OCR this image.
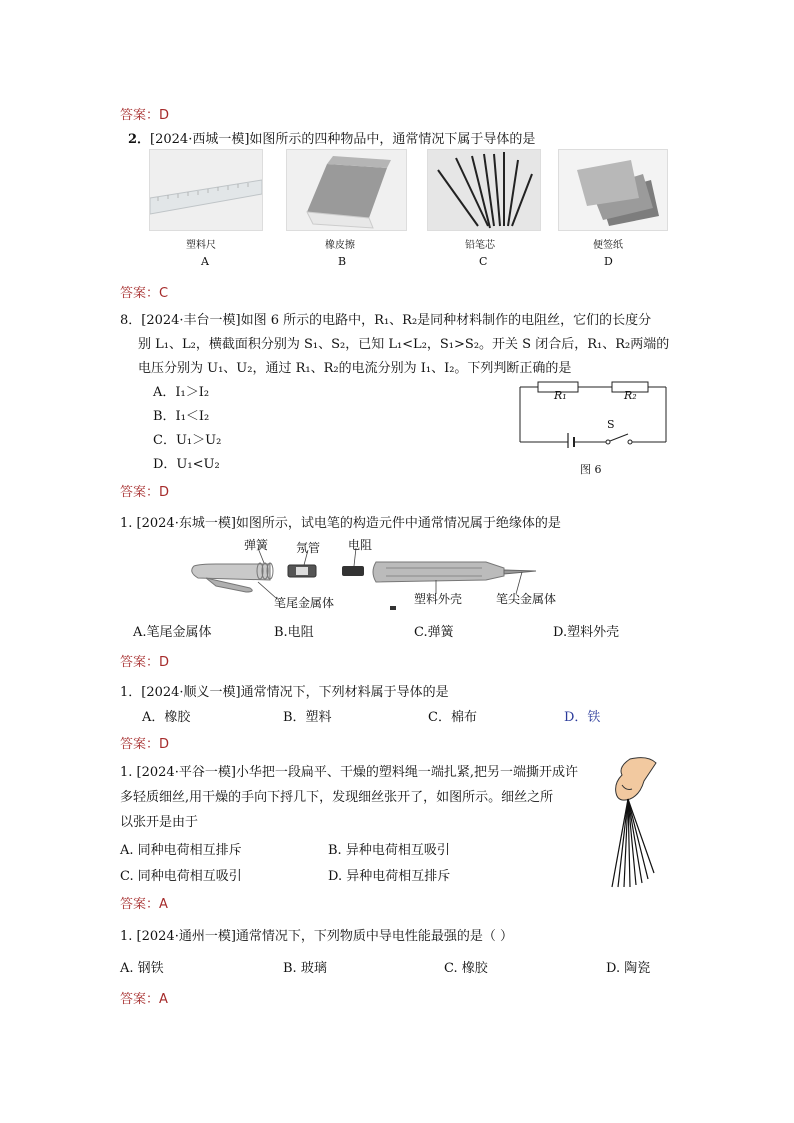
答案：D
2．[2024·西城一模]如图所示的四种物品中，通常情况下属于导体的是
塑料尺	橡皮擦	铅笔芯	便签纸
A	B	C	D
答案：C
8．[2024·丰台一模]如图 6 所示的电路中，R₁、R₂是同种材料制作的电阻丝，它们的长度分
别 L₁、L₂，横截面积分别为 S₁、S₂，已知 L₁<L₂，S₁>S₂。开关 S 闭合后，R₁、R₂两端的
电压分别为 U₁、U₂，通过 R₁、R₂的电流分别为 I₁、I₂。下列判断正确的是
A．I₁＞I₂
B．I₁＜I₂
C．U₁＞U₂
D．U₁<U₂
R₁	R₂
S
图 6
答案：D
1. [2024·东城一模]如图所示，试电笔的构造元件中通常情况属于绝缘体的是
弹簧 氖管 电阻
笔尾金属体	塑料外壳	笔尖金属体
A.笔尾金属体	B.电阻	C.弹簧	D.塑料外壳
答案：D
1．[2024·顺义一模]通常情况下，下列材料属于导体的是
A．橡胶	B．塑料	C．棉布	D．铁
答案：D
1. [2024·平谷一模]小华把一段扁平、干燥的塑料绳一端扎紧,把另一端撕开成许
多轻质细丝,用干燥的手向下捋几下，发现细丝张开了，如图所示。细丝之所
以张开是由于
A. 同种电荷相互排斥	B. 异种电荷相互吸引
C. 同种电荷相互吸引	D. 异种电荷相互排斥
答案：A
1. [2024·通州一模]通常情况下，下列物质中导电性能最强的是（ ）
A. 钢铁	B. 玻璃	C. 橡胶	D. 陶瓷
答案：A
